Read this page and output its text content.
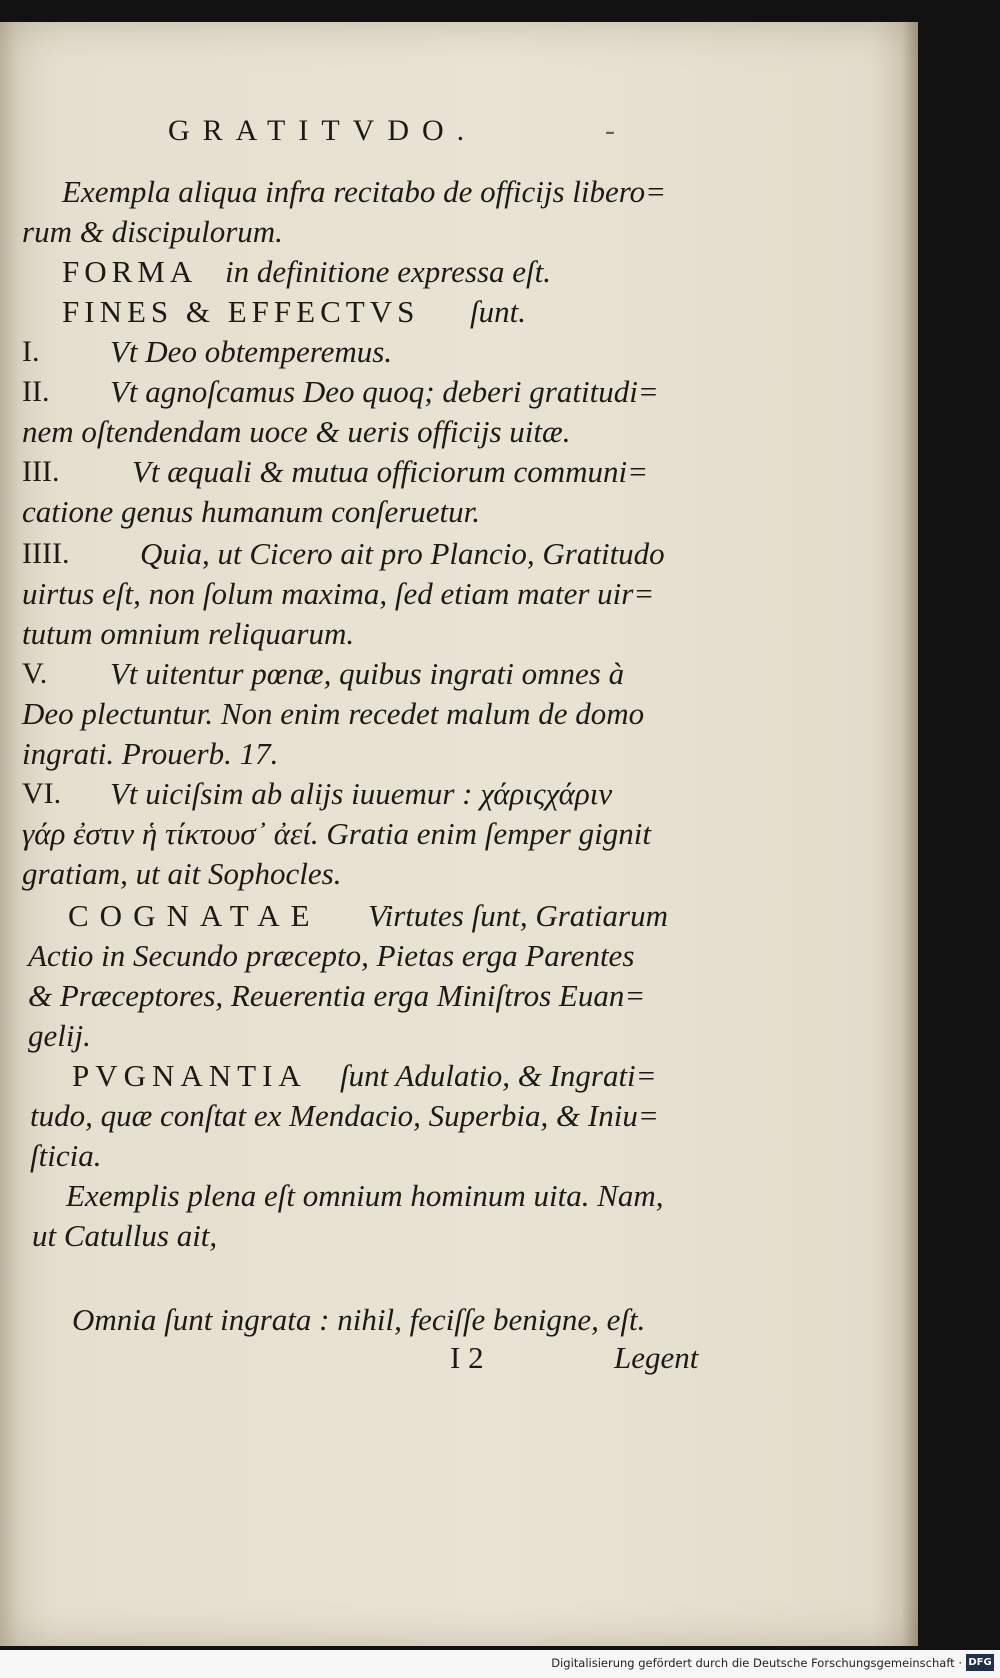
GRATITVDO.	-
Exempla aliqua infra recitabo de officijs libero=
rum & discipulorum.
FORMA in definitione expressa eſt.
FINES & EFFECTVS ſunt.
I. Vt Deo obtemperemus.
II. Vt agnoſcamus Deo quoq; deberi gratitudi=
nem oſtendendam uoce & ueris officijs uitæ.
III. Vt æquali & mutua officiorum communi=
catione genus humanum conſeruetur.
IIII. Quia, ut Cicero ait pro Plancio, Gratitudo
uirtus eſt, non ſolum maxima, ſed etiam mater uir=
tutum omnium reliquarum.
V. Vt uitentur pœnæ, quibus ingrati omnes à
Deo plectuntur. Non enim recedet malum de domo
ingrati. Prouerb. 17.
VI. Vt uiciſsim ab alijs iuuemur : χάριςχάριν
γάρ ἐστιν ἡ τίκτουσ᾽ ἀεί. Gratia enim ſemper gignit
gratiam, ut ait Sophocles.
COGNATAE Virtutes ſunt, Gratiarum
Actio in Secundo præcepto, Pietas erga Parentes
& Præceptores, Reuerentia erga Miniſtros Euan=
gelij.
PVGNANTIA ſunt Adulatio, & Ingrati=
tudo, quæ conſtat ex Mendacio, Superbia, & Iniu=
ſticia.
Exemplis plena eſt omnium hominum uita. Nam,
ut Catullus ait,
Omnia ſunt ingrata : nihil, feciſſe benigne, eſt.
I 2	Legent
Digitalisierung gefördert durch die Deutsche Forschungsgemeinschaft · DFG
